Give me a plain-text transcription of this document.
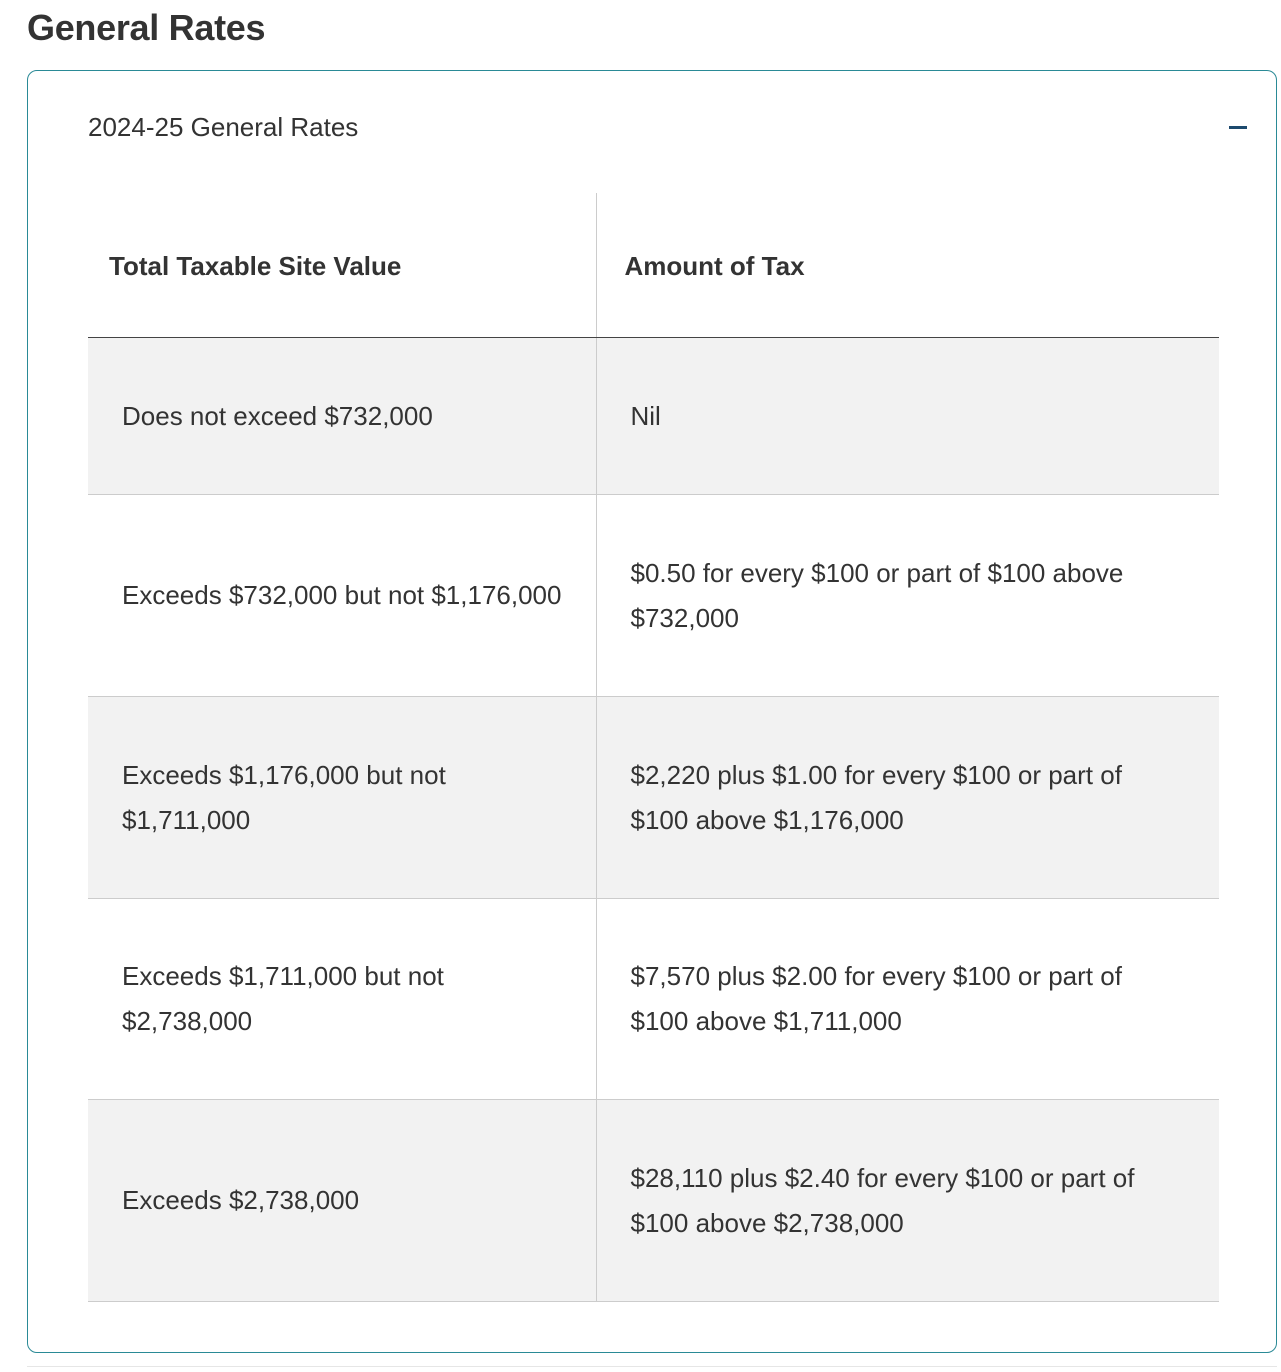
General Rates
2024-25 General Rates
Total Taxable Site Value	Amount of Tax
Does not exceed $732,000	Nil
Exceeds $732,000 but not $1,176,000	$0.50 for every $100 or part of $100 above $732,000
Exceeds $1,176,000 but not $1,711,000	$2,220 plus $1.00 for every $100 or part of $100 above $1,176,000
Exceeds $1,711,000 but not $2,738,000	$7,570 plus $2.00 for every $100 or part of $100 above $1,711,000
Exceeds $2,738,000	$28,110 plus $2.40 for every $100 or part of $100 above $2,738,000
